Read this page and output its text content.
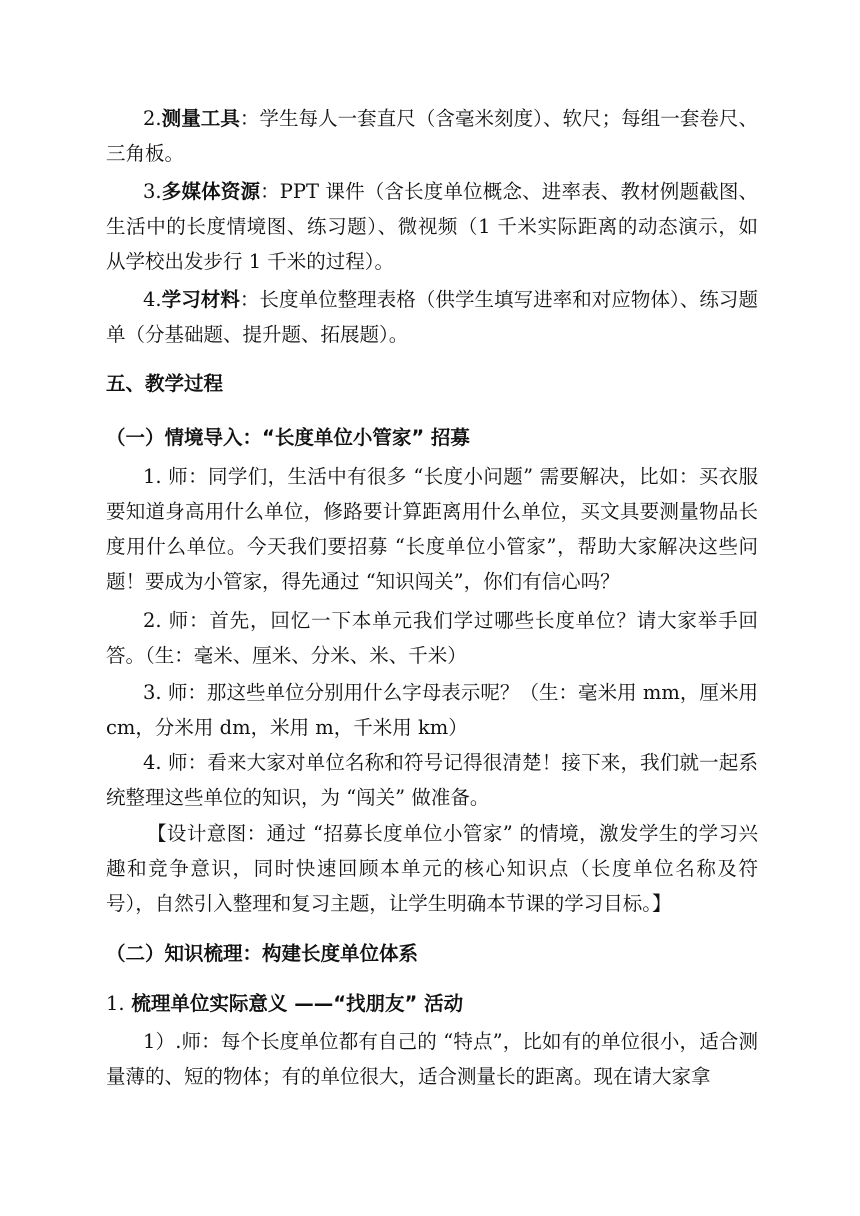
2.测量工具：学生每人一套直尺（含毫米刻度）、软尺；每组一套卷尺、三角板。

3.多媒体资源：PPT 课件（含长度单位概念、进率表、教材例题截图、生活中的长度情境图、练习题）、微视频（1 千米实际距离的动态演示，如从学校出发步行 1 千米的过程）。

4.学习材料：长度单位整理表格（供学生填写进率和对应物体）、练习题单（分基础题、提升题、拓展题）。

五、教学过程
（一）情境导入：“长度单位小管家” 招募

1. 师：同学们，生活中有很多 “长度小问题” 需要解决，比如：买衣服要知道身高用什么单位，修路要计算距离用什么单位，买文具要测量物品长度用什么单位。今天我们要招募 “长度单位小管家”，帮助大家解决这些问题！要成为小管家，得先通过 “知识闯关”，你们有信心吗？

2. 师：首先，回忆一下本单元我们学过哪些长度单位？请大家举手回答。（生：毫米、厘米、分米、米、千米）

3. 师：那这些单位分别用什么字母表示呢？（生：毫米用 mm，厘米用 cm，分米用 dm，米用 m，千米用 km）

4. 师：看来大家对单位名称和符号记得很清楚！接下来，我们就一起系统整理这些单位的知识，为 “闯关” 做准备。

【设计意图：通过 “招募长度单位小管家” 的情境，激发学生的学习兴趣和竞争意识，同时快速回顾本单元的核心知识点（长度单位名称及符号），自然引入整理和复习主题，让学生明确本节课的学习目标。】

（二）知识梳理：构建长度单位体系
1. 梳理单位实际意义 ——“找朋友” 活动

1）.师：每个长度单位都有自己的 “特点”，比如有的单位很小，适合测量薄的、短的物体；有的单位很大，适合测量长的距离。现在请大家拿
